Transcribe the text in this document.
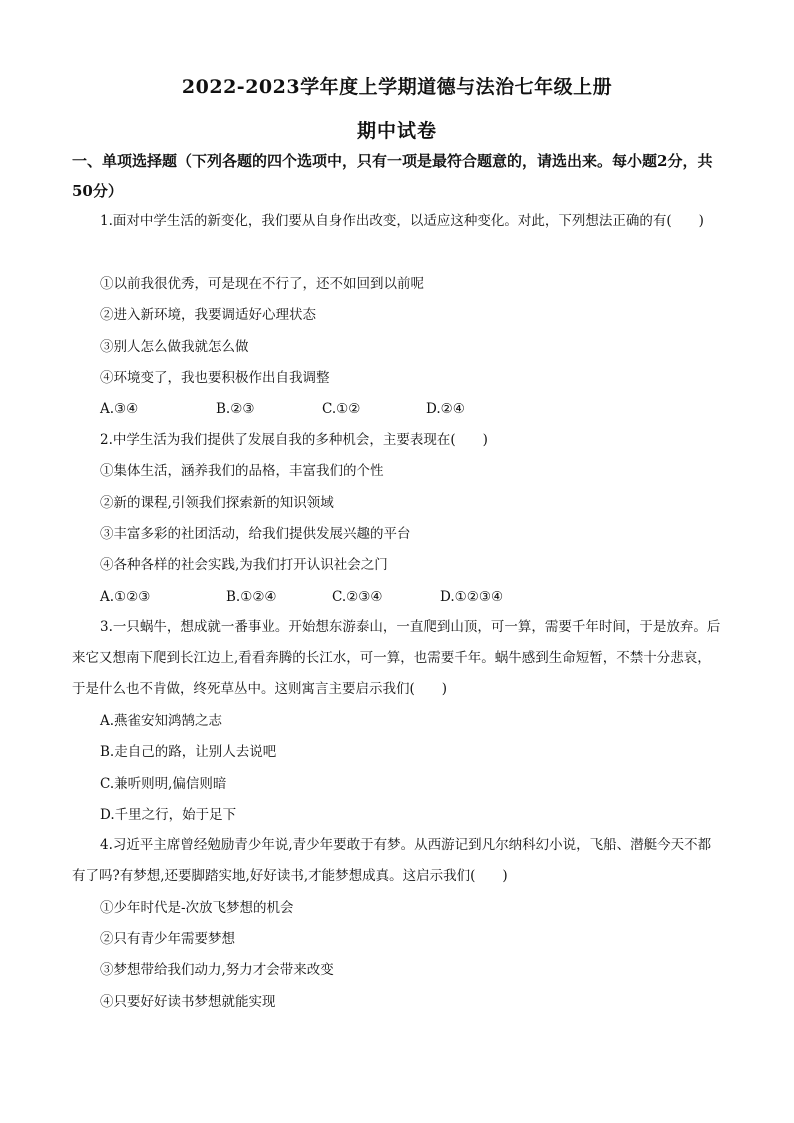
2022-2023学年度上学期道德与法治七年级上册
期中试卷
一、单项选择题（下列各题的四个选项中，只有一项是最符合题意的，请选出来。每小题2分，共50分）
1.面对中学生活的新变化，我们要从自身作出改变，以适应这种变化。对此，下列想法正确的有(　　)
①以前我很优秀，可是现在不行了，还不如回到以前呢
②进入新环境，我要调适好心理状态
③别人怎么做我就怎么做
④环境变了，我也要积极作出自我调整
A.③④	B.②③	C.①②	D.②④
2.中学生活为我们提供了发展自我的多种机会，主要表现在(　　)
①集体生活，涵养我们的品格，丰富我们的个性
②新的课程,引领我们探索新的知识领域
③丰富多彩的社团活动，给我们提供发展兴趣的平台
④各种各样的社会实践,为我们打开认识社会之门
A.①②③	B.①②④	C.②③④	D.①②③④
3.一只蜗牛，想成就一番事业。开始想东游泰山，一直爬到山顶，可一算，需要千年时间，于是放弃。后来它又想南下爬到长江边上,看看奔腾的长江水，可一算，也需要千年。蜗牛感到生命短暂，不禁十分悲哀，于是什么也不肯做，终死草丛中。这则寓言主要启示我们(　　)
A.燕雀安知鸿鹄之志
B.走自己的路，让别人去说吧
C.兼听则明,偏信则暗
D.千里之行，始于足下
4.习近平主席曾经勉励青少年说,青少年要敢于有梦。从西游记到凡尔纳科幻小说，飞船、潜艇今天不都有了吗?有梦想,还要脚踏实地,好好读书,才能梦想成真。这启示我们(　　)
①少年时代是-次放飞梦想的机会
②只有青少年需要梦想
③梦想带给我们动力,努力才会带来改变
④只要好好读书梦想就能实现
